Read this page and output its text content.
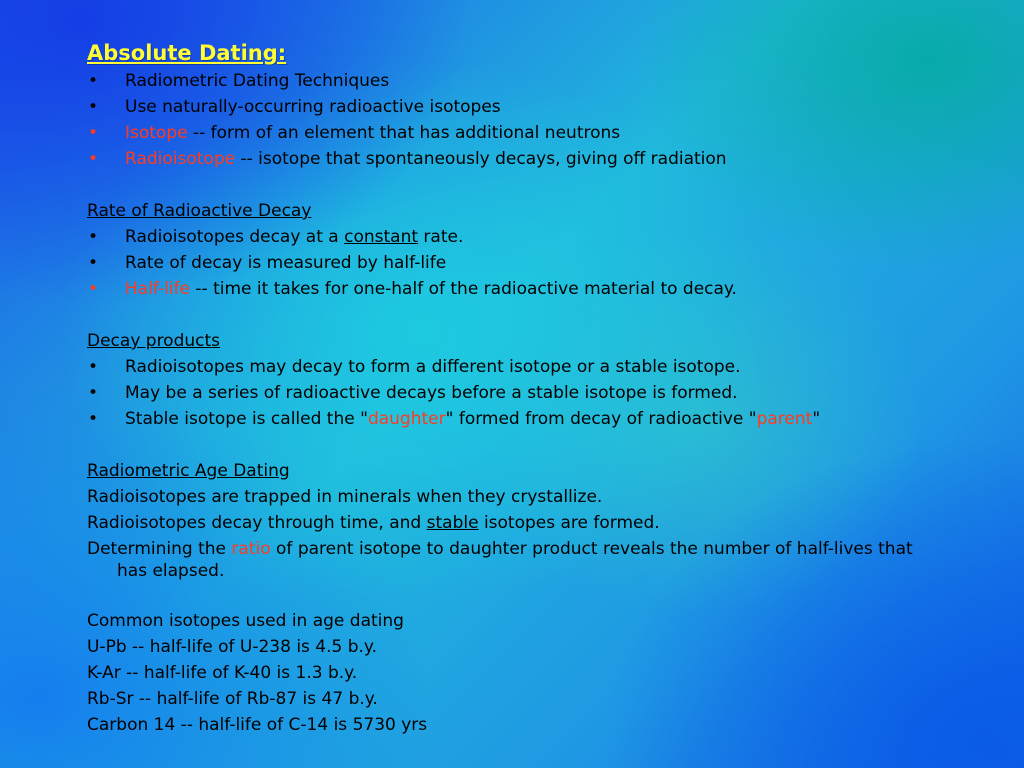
Absolute Dating:
• Radiometric Dating Techniques
• Use naturally-occurring radioactive isotopes
• Isotope -- form of an element that has additional neutrons
• Radioisotope -- isotope that spontaneously decays, giving off radiation
Rate of Radioactive Decay
• Radioisotopes decay at a constant rate.
• Rate of decay is measured by half-life
• Half-life -- time it takes for one-half of the radioactive material to decay.
Decay products
• Radioisotopes may decay to form a different isotope or a stable isotope.
• May be a series of radioactive decays before a stable isotope is formed.
• Stable isotope is called the "daughter" formed from decay of radioactive "parent"
Radiometric Age Dating
Radioisotopes are trapped in minerals when they crystallize.
Radioisotopes decay through time, and stable isotopes are formed.
Determining the ratio of parent isotope to daughter product reveals the number of half-lives that has elapsed.
Common isotopes used in age dating
U-Pb -- half-life of U-238 is 4.5 b.y.
K-Ar -- half-life of K-40 is 1.3 b.y.
Rb-Sr -- half-life of Rb-87 is 47 b.y.
Carbon 14 -- half-life of C-14 is 5730 yrs
